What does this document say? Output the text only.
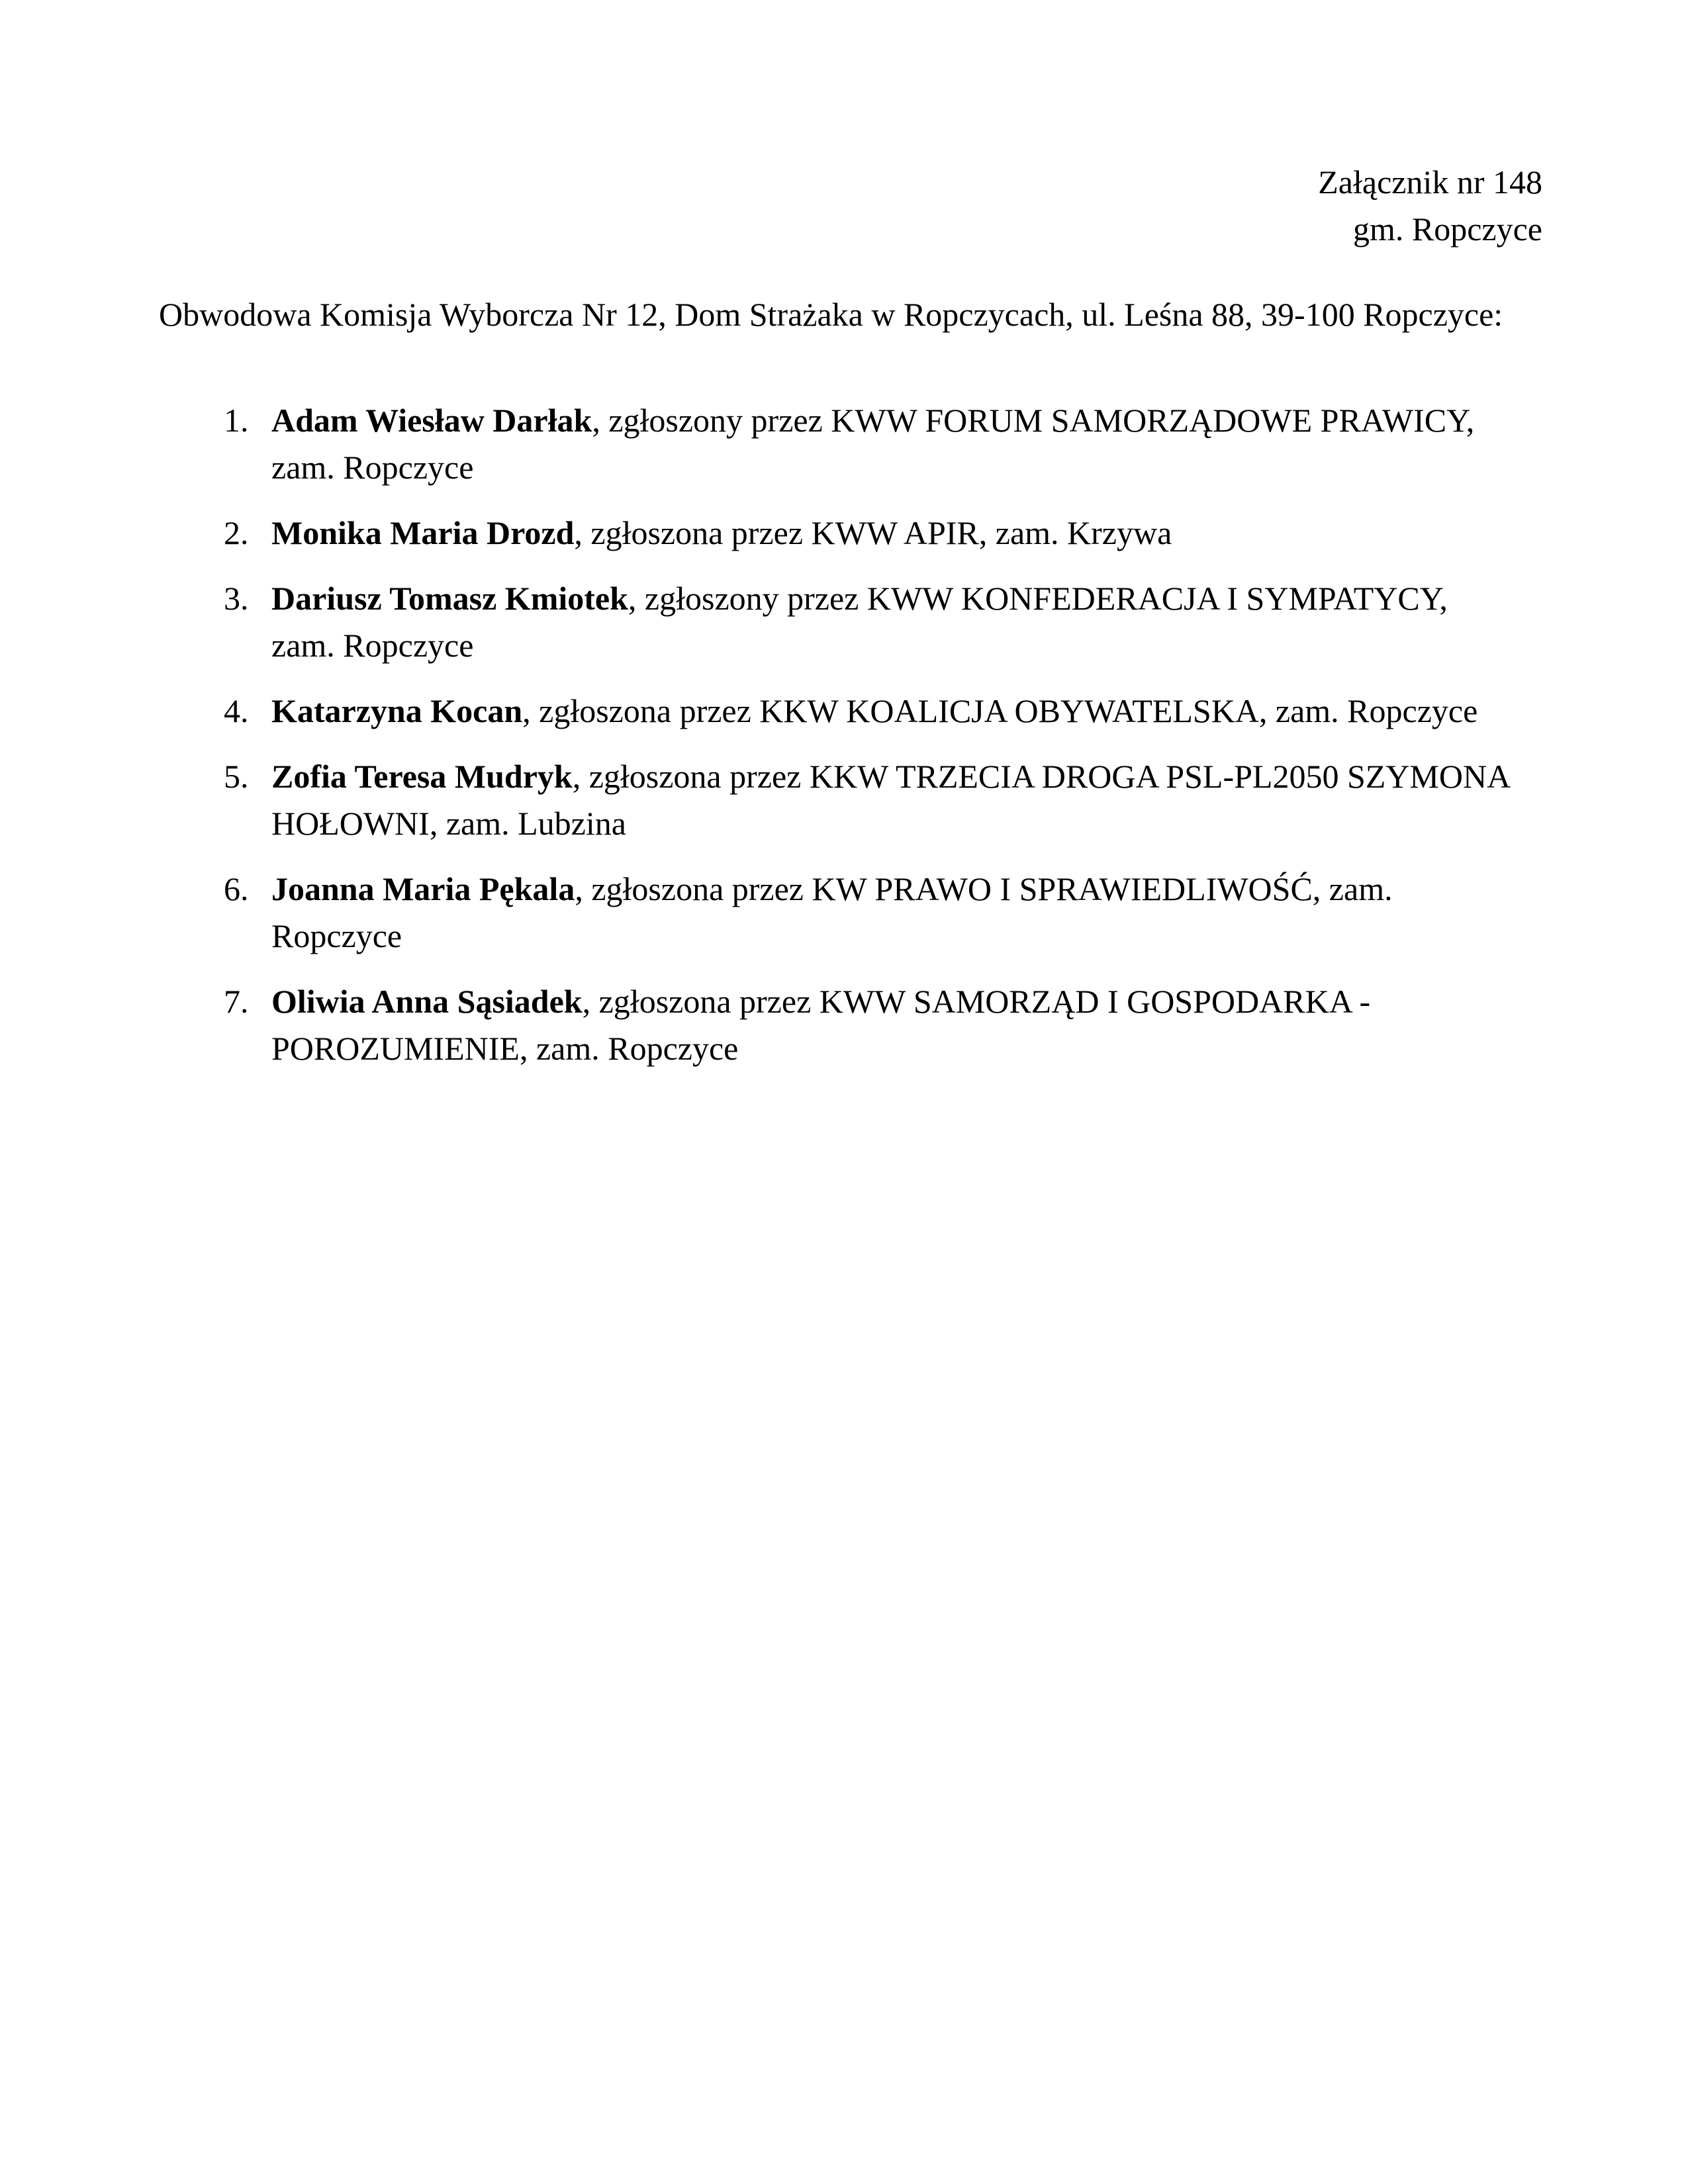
Załącznik nr 148
gm. Ropczyce
Obwodowa Komisja Wyborcza Nr 12, Dom Strażaka w Ropczycach, ul. Leśna 88, 39-100 Ropczyce:
1. Adam Wiesław Darłak, zgłoszony przez KWW FORUM SAMORZĄDOWE PRAWICY, zam. Ropczyce
2. Monika Maria Drozd, zgłoszona przez KWW APIR, zam. Krzywa
3. Dariusz Tomasz Kmiotek, zgłoszony przez KWW KONFEDERACJA I SYMPATYCY, zam. Ropczyce
4. Katarzyna Kocan, zgłoszona przez KKW KOALICJA OBYWATELSKA, zam. Ropczyce
5. Zofia Teresa Mudryk, zgłoszona przez KKW TRZECIA DROGA PSL-PL2050 SZYMONA HOŁOWNI, zam. Lubzina
6. Joanna Maria Pękala, zgłoszona przez KW PRAWO I SPRAWIEDLIWOŚĆ, zam. Ropczyce
7. Oliwia Anna Sąsiadek, zgłoszona przez KWW SAMORZĄD I GOSPODARKA - POROZUMIENIE, zam. Ropczyce
